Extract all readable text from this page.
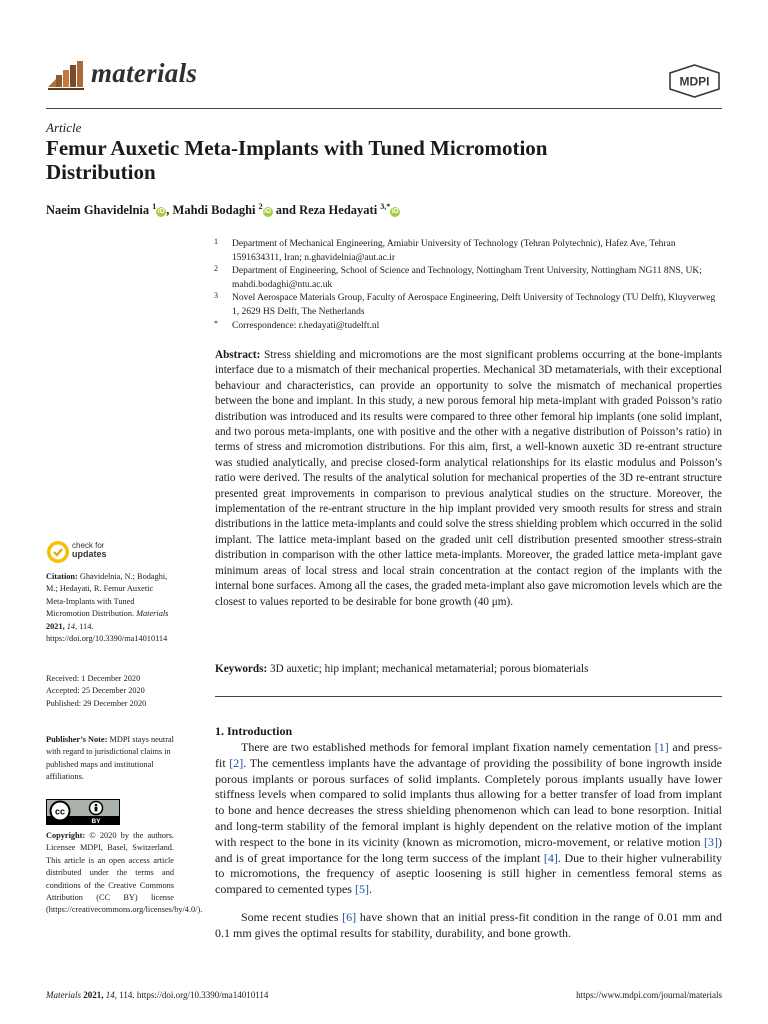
materials	MDPI
Article
Femur Auxetic Meta-Implants with Tuned Micromotion Distribution
Naeim Ghavidelnia $^1$iD , Mahdi Bodaghi $^2$iD and Reza Hedayati $^{3,*}$iD
1 Department of Mechanical Engineering, Amiabir University of Technology (Tehran Polytechnic), Hafez Ave, Tehran 1591634311, Iran; n.ghavidelnia@aut.ac.ir
2 Department of Engineering, School of Science and Technology, Nottingham Trent University, Nottingham NG11 8NS, UK; mahdi.bodaghi@ntu.ac.uk
3 Novel Aerospace Materials Group, Faculty of Aerospace Engineering, Delft University of Technology (TU Delft), Kluyverweg 1, 2629 HS Delft, The Netherlands
* Correspondence: r.hedayati@tudelft.nl
Abstract: Stress shielding and micromotions are the most significant problems occurring at the bone-implants interface due to a mismatch of their mechanical properties. Mechanical 3D metamaterials, with their exceptional behaviour and characteristics, can provide an opportunity to solve the mismatch of mechanical properties between the bone and implant. In this study, a new porous femoral hip meta-implant with graded Poisson’s ratio distribution was introduced and its results were compared to three other femoral hip implants (one solid implant, and two porous meta-implants, one with positive and the other with a negative distribution of Poisson’s ratio) in terms of stress and micromotion distributions. For this aim, first, a well-known auxetic 3D re-entrant structure was studied analytically, and precise closed-form analytical relationships for its elastic modulus and Poisson’s ratio were derived. The results of the analytical solution for mechanical properties of the 3D re-entrant structure presented great improvements in comparison to previous analytical studies on the structure. Moreover, the implementation of the re-entrant structure in the hip implant provided very smooth results for stress and strain distributions in the lattice meta-implants and could solve the stress shielding problem which occurred in the solid implant. The lattice meta-implant based on the graded unit cell distribution presented smoother stress-strain distribution in comparison with the other lattice meta-implants. Moreover, the graded lattice meta-implant gave minimum areas of local stress and local strain concentration at the contact region of the implants with the internal bone surfaces. Among all the cases, the graded meta-implant also gave micromotion levels which are the closest to values reported to be desirable for bone growth (40 μm).
Keywords: 3D auxetic; hip implant; mechanical metamaterial; porous biomaterials
check for
updates
Citation: Ghavidelnia, N.; Bodaghi, M.; Hedayati, R. Femur Auxetic Meta-Implants with Tuned Micromotion Distribution. Materials 2021, 14, 114. https://doi.org/10.3390/ma14010114
Received: 1 December 2020
Accepted: 25 December 2020
Published: 29 December 2020
Publisher’s Note: MDPI stays neutral with regard to jurisdictional claims in published maps and institutional affiliations.
cc
BY
Copyright: © 2020 by the authors. Licensee MDPI, Basel, Switzerland. This article is an open access article distributed under the terms and conditions of the Creative Commons Attribution (CC BY) license (https://creativecommons.org/licenses/by/4.0/).
1. Introduction
There are two established methods for femoral implant fixation namely cementation [1] and press-fit [2]. The cementless implants have the advantage of providing the possibility of bone ingrowth inside porous implants or porous surfaces of solid implants. Completely porous implants usually have lower stiffness levels when compared to solid implants thus allowing for a better transfer of load from implant to bone and hence decreases the stress shielding phenomenon which can lead to bone resorption. Initial and long-term stability of the femoral implant is highly dependent on the relative motion of the implant with respect to the bone in its vicinity (known as micromotion, micro-movement, or relative motion [3]) and is of great importance for the long term success of the implant [4]. Due to their higher vulnerability to micromotions, the frequency of aseptic loosening is still higher in cementless femoral stems as compared to cemented types [5].
Some recent studies [6] have shown that an initial press-fit condition in the range of 0.01 mm and 0.1 mm gives the optimal results for stability, durability, and bone growth.
Materials 2021, 14, 114. https://doi.org/10.3390/ma14010114	https://www.mdpi.com/journal/materials
